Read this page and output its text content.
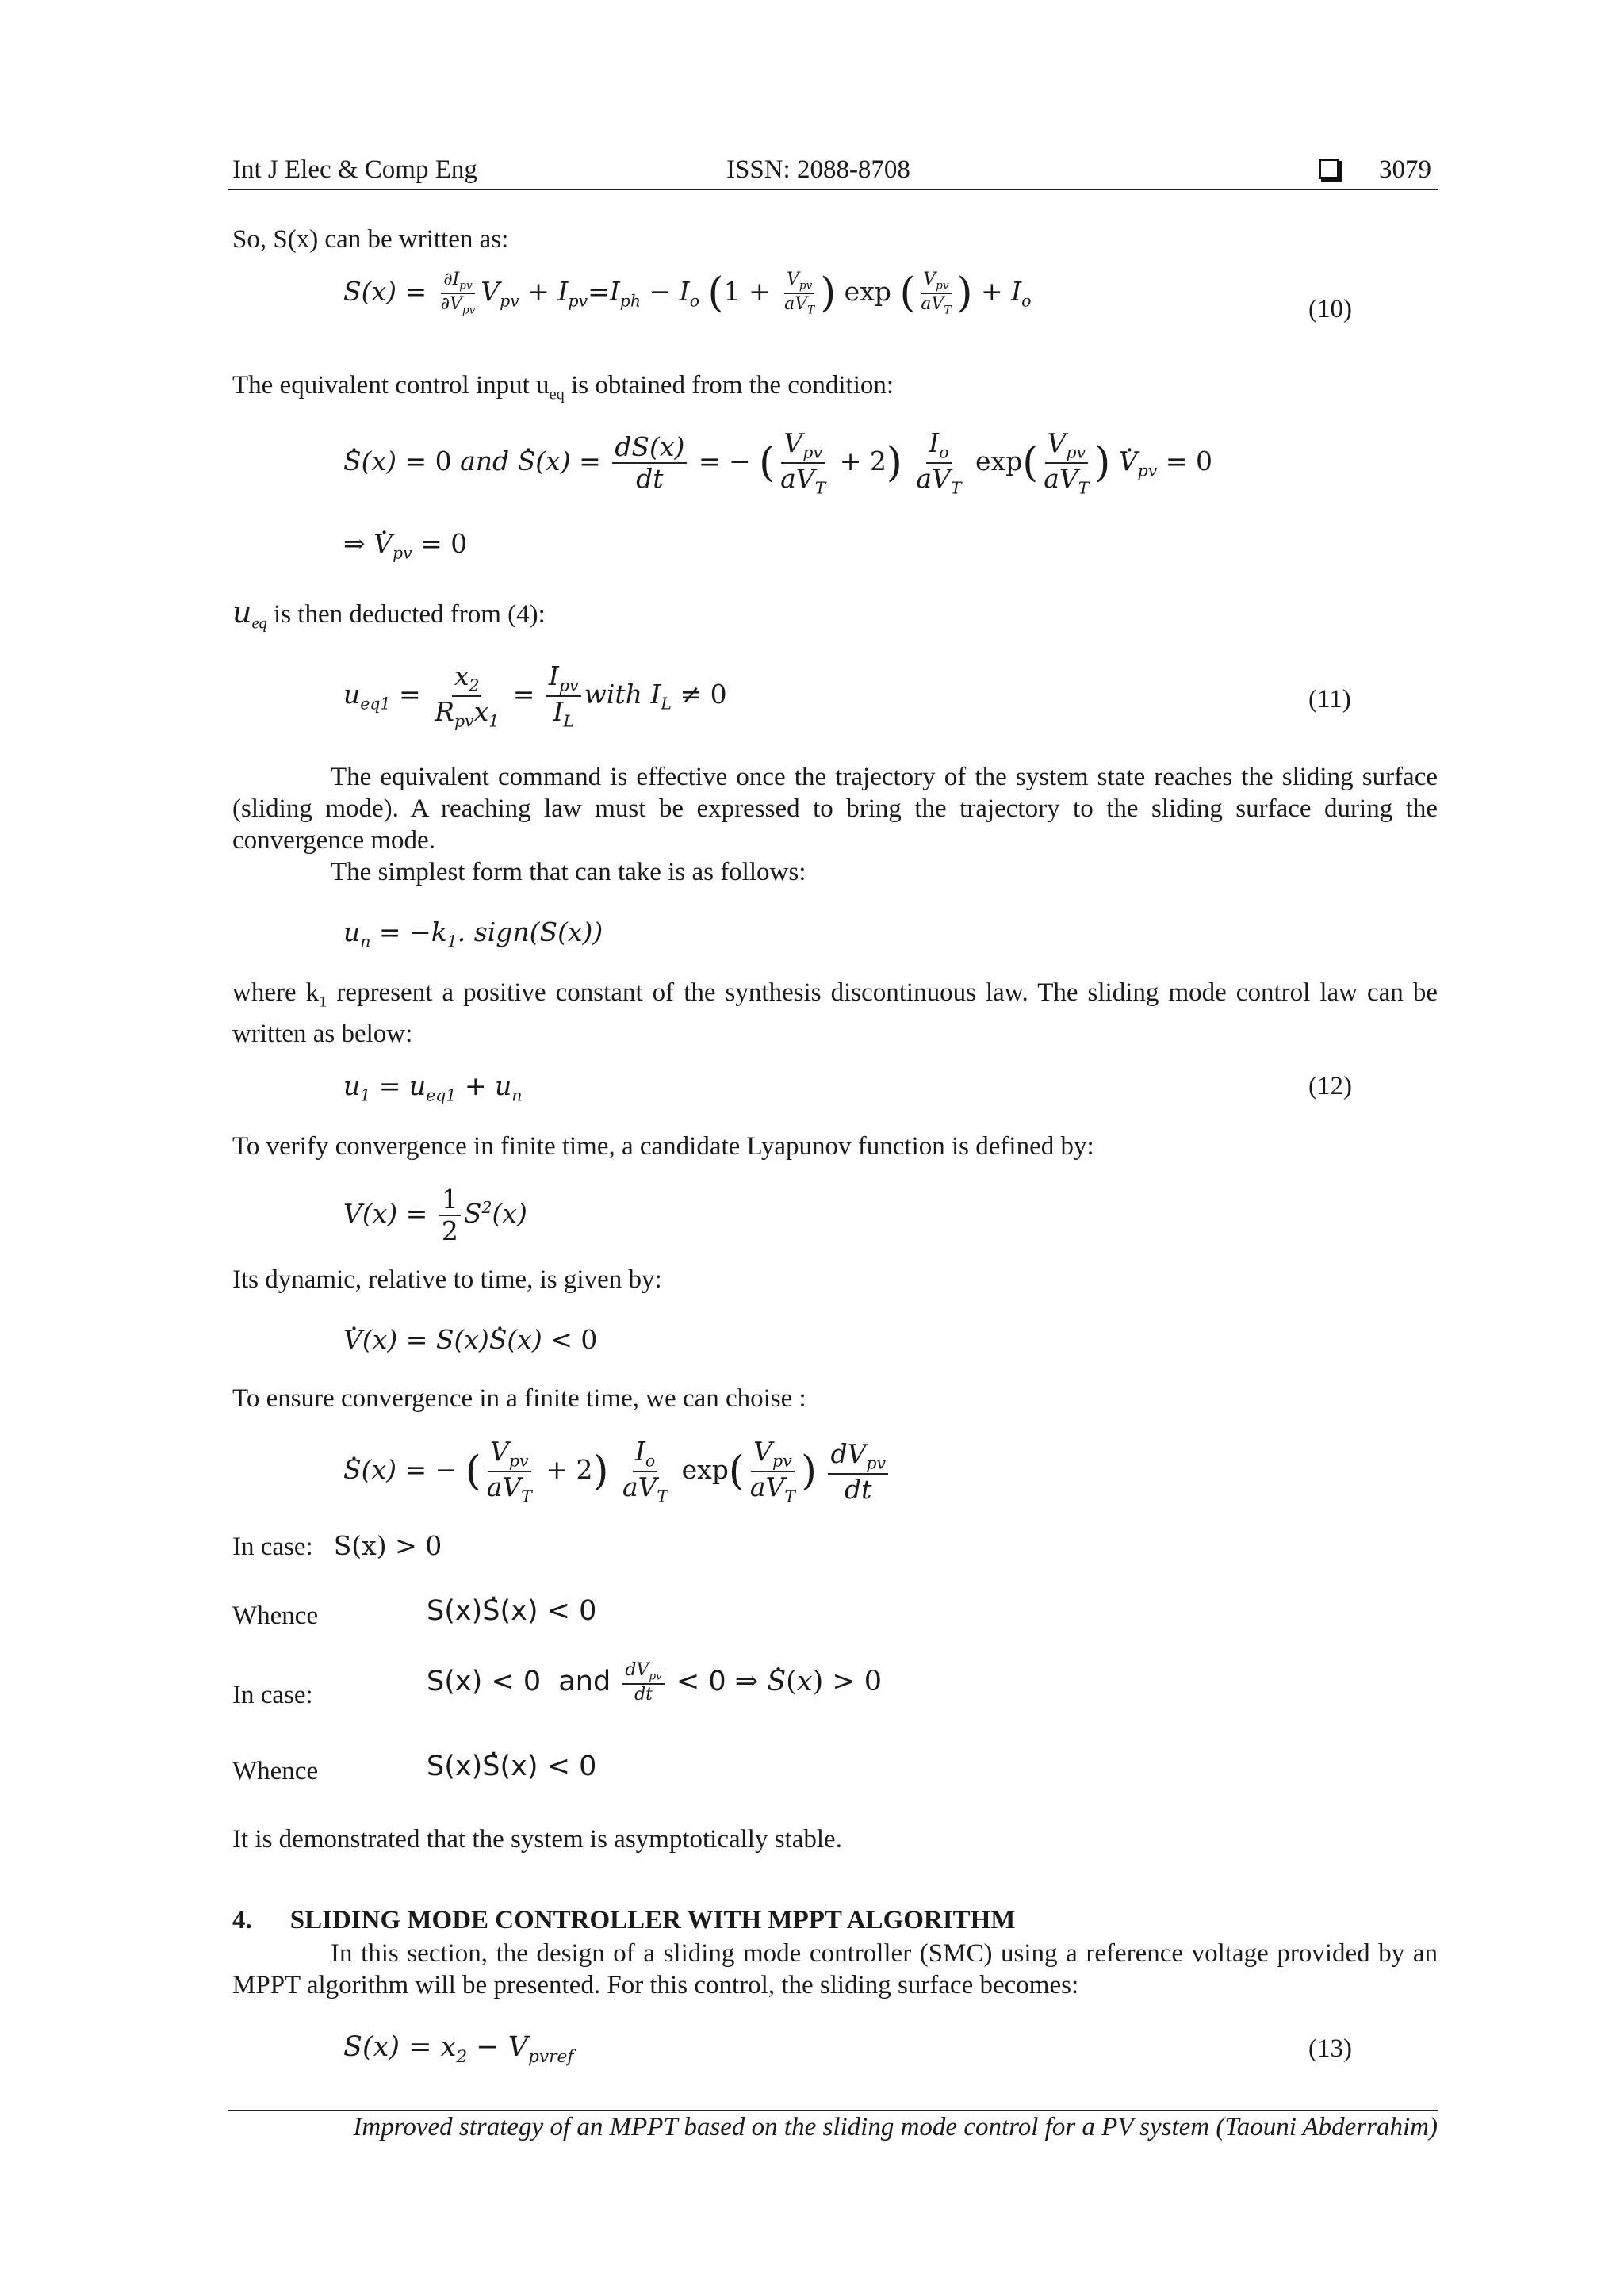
Int J Elec & Comp Eng	ISSN: 2088-8708	3079
So, S(x) can be written as:
$S(x) = \frac{\partial I_{pv}}{\partial V_{pv}} V_{pv} + I_{pv}=I_{ph} - I_o$ ($1 + \frac{V_{pv}}{aV_T}$ ) exp ( $\frac{V_{pv}}{aV_T}$ ) + $I_o$	(10)
The equivalent control input $u_{eq}$ is obtained from the condition:
. S(x) = 0 and . $S(x) = \frac{dS(x)}{dt}$ = − ( $\frac{V_{pv}}{aV_T} + 2) \frac{I_o}{aV_T} \exp( \frac{V_{pv}}{aV_T}$ ) . $V_{pv} = 0$
⇒ . $V_{pv} = 0$
$u_{eq}$ is then deducted from (4):
$u_{eq1} = \frac{x_2}{R_{pv}x_1} = \frac{I_{pv}}{I_L}$ with $I_L \ne 0$	(11)
The equivalent command is effective once the trajectory of the system state reaches the sliding surface (sliding mode). A reaching law must be expressed to bring the trajectory to the sliding surface during the convergence mode.
The simplest form that can take is as follows:
$u_n = -k_1$. sign(S(x))
where $k_1$ represent a positive constant of the synthesis discontinuous law. The sliding mode control law can be written as below:
$u_1 = u_{eq1} + u_n$	(12)
To verify convergence in finite time, a candidate Lyapunov function is defined by:
$V(x) = \frac{1}{2} S^2(x)$
Its dynamic, relative to time, is given by:
. V(x) = S(x). S(x) < 0
To ensure convergence in a finite time, we can choise :
. S(x) = − ( $\frac{V_{pv}}{aV_T} + 2) \frac{I_o}{aV_T} \exp( \frac{V_{pv}}{aV_T}$ ) $\frac{dV_{pv}}{dt}$
In case: S(x) > 0
Whence	S(x). S(x) < 0
In case:	S(x) < 0  and $\frac{dV_{pv}}{dt} < 0$ ⇒ . S(x) > 0
Whence	S(x). S(x) < 0
It is demonstrated that the system is asymptotically stable.
4. SLIDING MODE CONTROLLER WITH MPPT ALGORITHM
In this section, the design of a sliding mode controller (SMC) using a reference voltage provided by an MPPT algorithm will be presented. For this control, the sliding surface becomes:
$S(x) = x_2 - V_{pvref}$	(13)
Improved strategy of an MPPT based on the sliding mode control for a PV system (Taouni Abderrahim)
